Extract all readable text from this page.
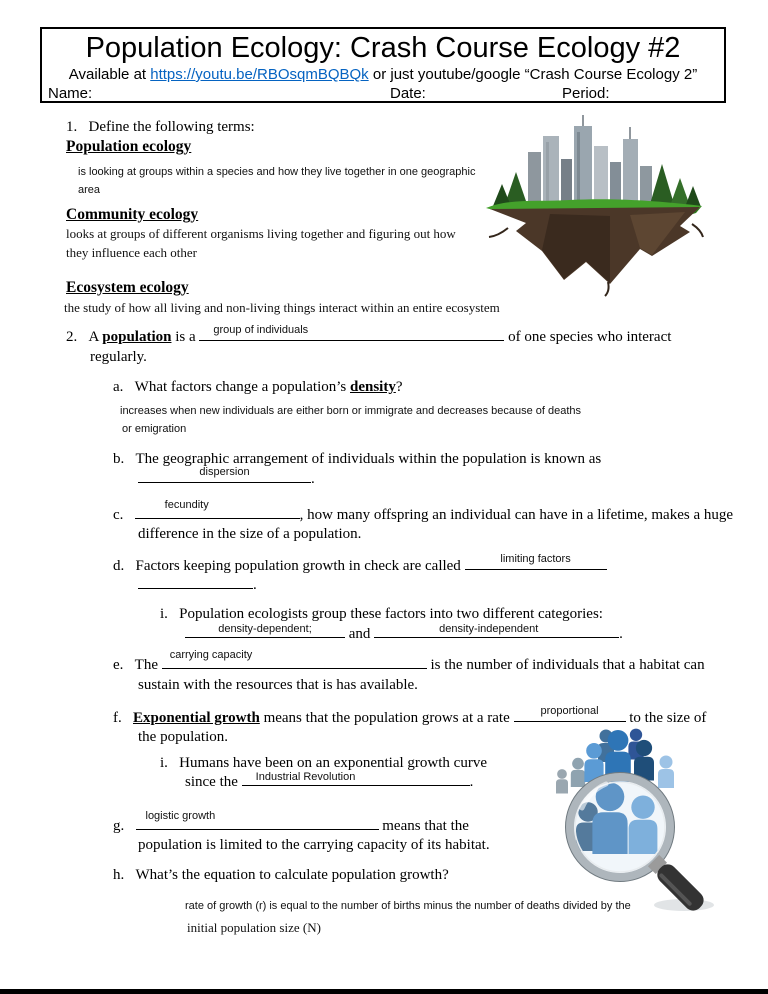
Population Ecology: Crash Course Ecology #2
Available at https://youtu.be/RBOsqmBQBQk or just youtube/google “Crash Course Ecology 2”
Name:	Date:	Period:
1.   Define the following terms:
Population ecology
is looking at groups within a species and how they live together in one geographic
area
Community ecology
looks at groups of different organisms living together and figuring out how
they influence each other
Ecosystem ecology
the study of how all living and non-living things interact within an entire ecosystem
2.   A population is a	group of individuals	of one species who interact
regularly.
a.   What factors change a population’s density?
increases when new individuals are either born or immigrate and decreases because of deaths
or emigration
b.   The geographic arrangement of individuals within the population is known as
dispersion	.
c.
fecundity
, how many offspring an individual can have in a lifetime, makes a huge
difference in the size of a population.
d.   Factors keeping population growth in check are called	limiting factors
.
i.   Population ecologists group these factors into two different categories:
density-dependent;	and	density-independent	.
e.   The
carrying capacity
is the number of individuals that a habitat can
sustain with the resources that is has available.
f.   Exponential growth means that the population grows at a rate	proportional	to the size of
the population.
i.   Humans have been on an exponential growth curve
since the	Industrial Revolution	.
g.
logistic growth
means that the
population is limited to the carrying capacity of its habitat.
h.   What’s the equation to calculate population growth?
rate of growth (r) is equal to the number of births minus the number of deaths divided by the
initial population size (N)
